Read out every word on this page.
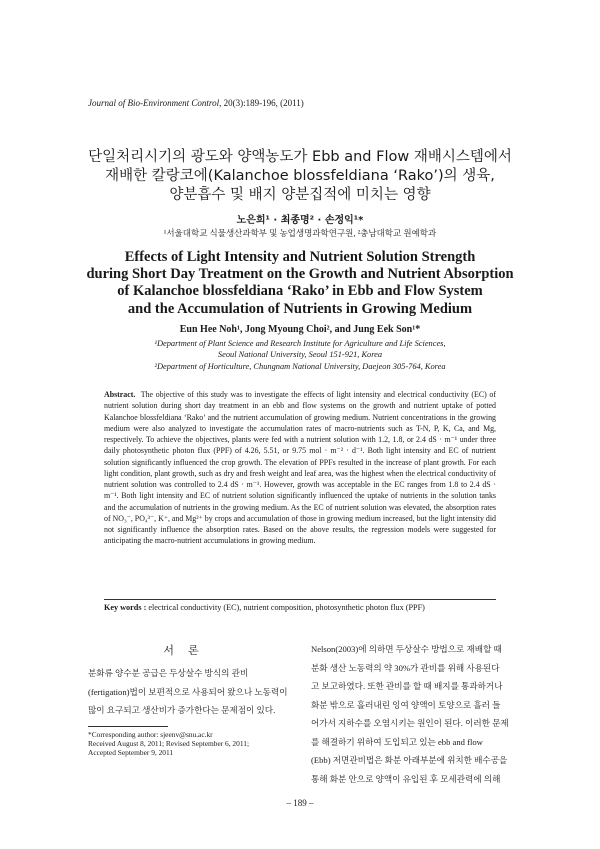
Journal of Bio-Environment Control, 20(3):189-196, (2011)
단일처리시기의 광도와 양액농도가 Ebb and Flow 재배시스템에서
재배한 칼랑코에(Kalanchoe blossfeldiana ‘Rako’)의 생육,
양분흡수 및 배지 양분집적에 미치는 영향
노은희¹ · 최종명² · 손정익¹*
¹서울대학교 식물생산과학부 및 농업생명과학연구원, ²충남대학교 원예학과
Effects of Light Intensity and Nutrient Solution Strength
during Short Day Treatment on the Growth and Nutrient Absorption
of Kalanchoe blossfeldiana ‘Rako’ in Ebb and Flow System
and the Accumulation of Nutrients in Growing Medium
Eun Hee Noh¹, Jong Myoung Choi², and Jung Eek Son¹*
¹Department of Plant Science and Research Institute for Agriculture and Life Sciences,
Seoul National University, Seoul 151-921, Korea
²Department of Horticulture, Chungnam National University, Daejeon 305-764, Korea
Abstract. The objective of this study was to investigate the effects of light intensity and electrical conductivity (EC) of nutrient solution during short day treatment in an ebb and flow systems on the growth and nutrient uptake of potted Kalanchoe blossfeldiana ‘Rako’ and the nutrient accumulation of growing medium. Nutrient concentrations in the growing medium were also analyzed to investigate the accumulation rates of macro-nutrients such as T-N, P, K, Ca, and Mg, respectively. To achieve the objectives, plants were fed with a nutrient solution with 1.2, 1.8, or 2.4 dS · m⁻¹ under three daily photosynthetic photon flux (PPF) of 4.26, 5.51, or 9.75 mol · m⁻² · d⁻¹. Both light intensity and EC of nutrient solution significantly influenced the crop growth. The elevation of PPFs resulted in the increase of plant growth. For each light condition, plant growth, such as dry and fresh weight and leaf area, was the highest when the electrical conductivity of nutrient solution was controlled to 2.4 dS · m⁻¹. However, growth was acceptable in the EC ranges from 1.8 to 2.4 dS · m⁻¹. Both light intensity and EC of nutrient solution significantly influenced the uptake of nutrients in the solution tanks and the accumulation of nutrients in the growing medium. As the EC of nutrient solution was elevated, the absorption rates of NO₃⁻, PO₄³⁻, K⁺, and Mg²⁺ by crops and accumulation of those in growing medium increased, but the light intensity did not significantly influence the absorption rates. Based on the above results, the regression models were suggested for anticipating the macro-nutrient accumulations in growing medium.
Key words : electrical conductivity (EC), nutrient composition, photosynthetic photon flux (PPF)
서론
분화류 양수분 공급은 두상살수 방식의 관비
(fertigation)법이 보편적으로 사용되어 왔으나 노동력이
많이 요구되고 생산비가 증가한다는 문제점이 있다.
*Corresponding author: sjeenv@snu.ac.kr
Received August 8, 2011; Revised September 6, 2011;
Accepted September 9, 2011
Nelson(2003)에 의하면 두상살수 방법으로 재배할 때
분화 생산 노동력의 약 30%가 관비를 위해 사용된다
고 보고하였다. 또한 관비를 할 때 배지를 통과하거나
화분 밖으로 흘러내린 잉여 양액이 토양으로 흘러 들
어가서 지하수를 오염시키는 원인이 된다. 이러한 문제
를 해결하기 위하여 도입되고 있는 ebb and flow
(Ebb) 저면관비법은 화분 아래부분에 위치한 배수공을
통해 화분 안으로 양액이 유입된 후 모세관력에 의해
– 189 –
